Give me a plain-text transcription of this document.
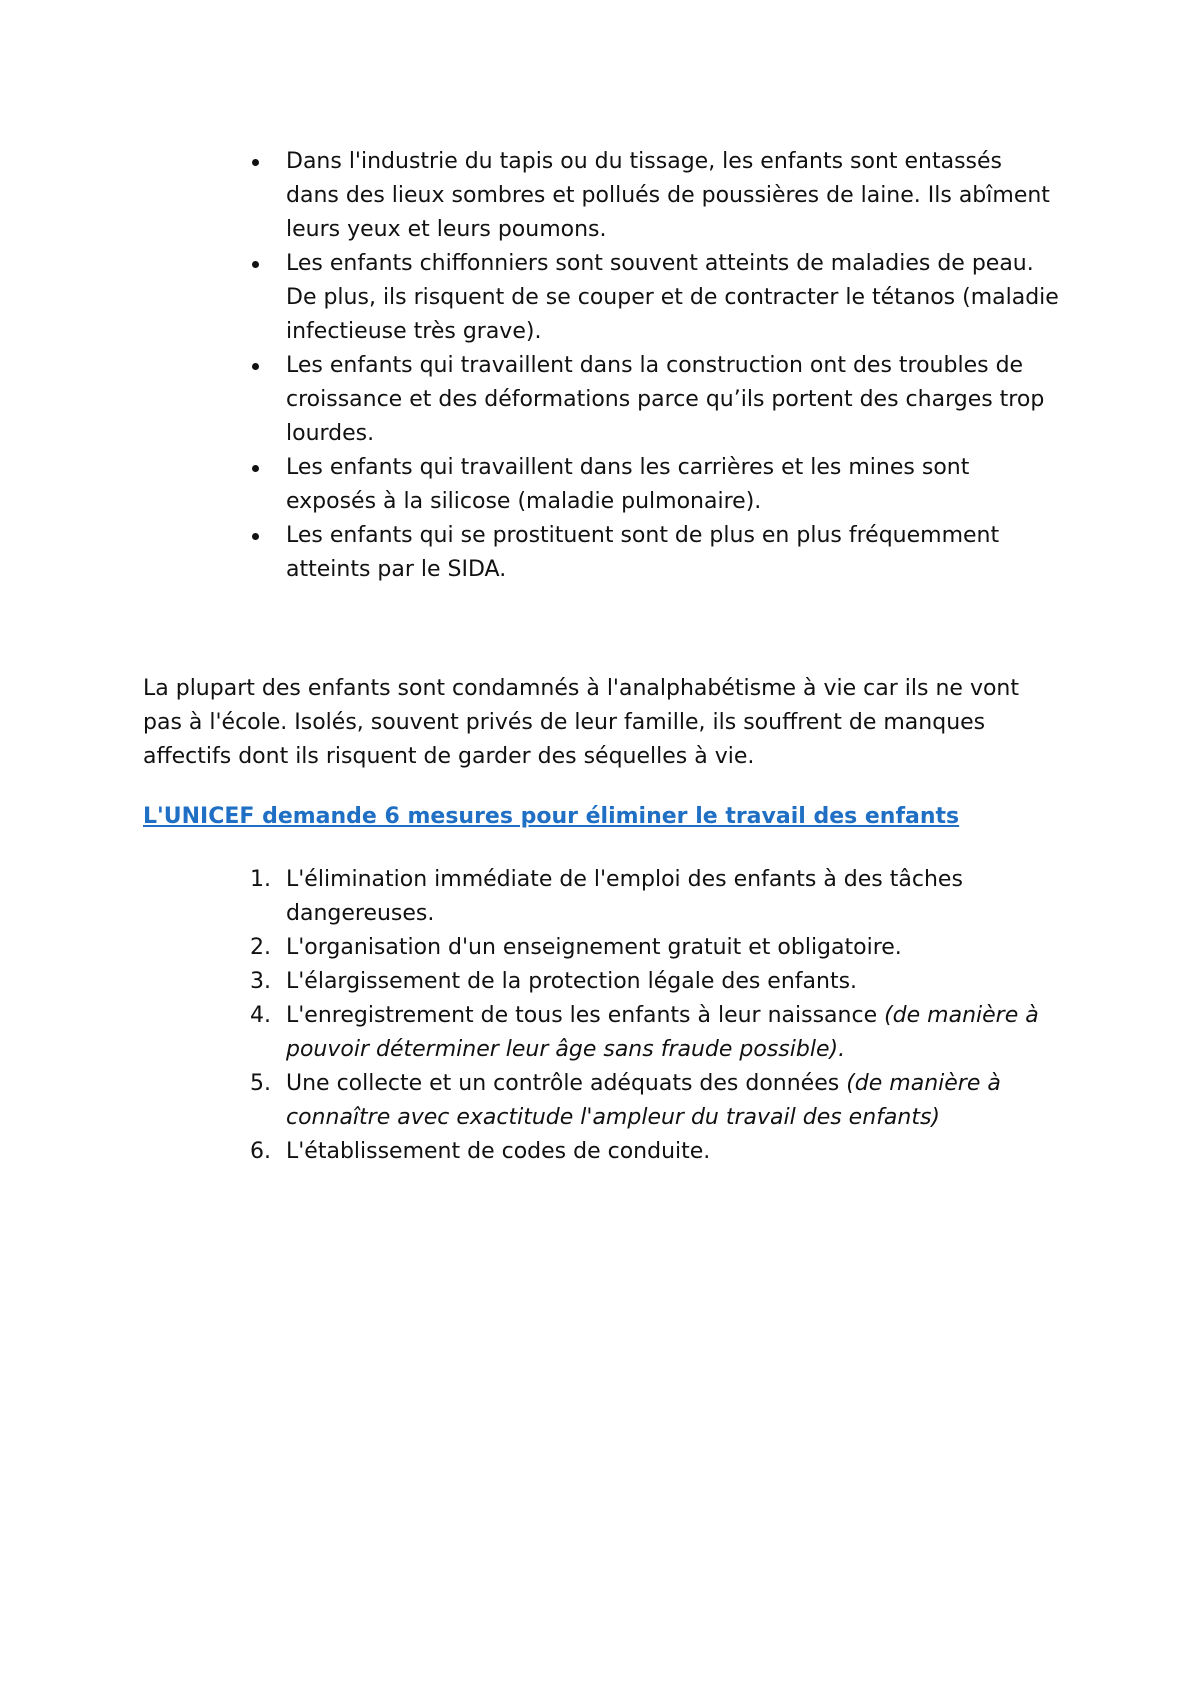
Dans l'industrie du tapis ou du tissage, les enfants sont entassés dans des lieux sombres et pollués de poussières de laine. Ils abîment leurs yeux et leurs poumons.
Les enfants chiffonniers sont souvent atteints de maladies de peau. De plus, ils risquent de se couper et de contracter le tétanos (maladie infectieuse très grave).
Les enfants qui travaillent dans la construction ont des troubles de croissance et des déformations parce qu’ils portent des charges trop lourdes.
Les enfants qui travaillent dans les carrières et les mines sont exposés à la silicose (maladie pulmonaire).
Les enfants qui se prostituent sont de plus en plus fréquemment atteints par le SIDA.

La plupart des enfants sont condamnés à l'analphabétisme à vie car ils ne vont pas à l'école. Isolés, souvent privés de leur famille, ils souffrent de manques affectifs dont ils risquent de garder des séquelles à vie.

L'UNICEF demande 6 mesures pour éliminer le travail des enfants
1. L'élimination immédiate de l'emploi des enfants à des tâches dangereuses.
2. L'organisation d'un enseignement gratuit et obligatoire.
3. L'élargissement de la protection légale des enfants.
4. L'enregistrement de tous les enfants à leur naissance (de manière à pouvoir déterminer leur âge sans fraude possible).
5. Une collecte et un contrôle adéquats des données (de manière à connaître avec exactitude l'ampleur du travail des enfants)
6. L'établissement de codes de conduite.
